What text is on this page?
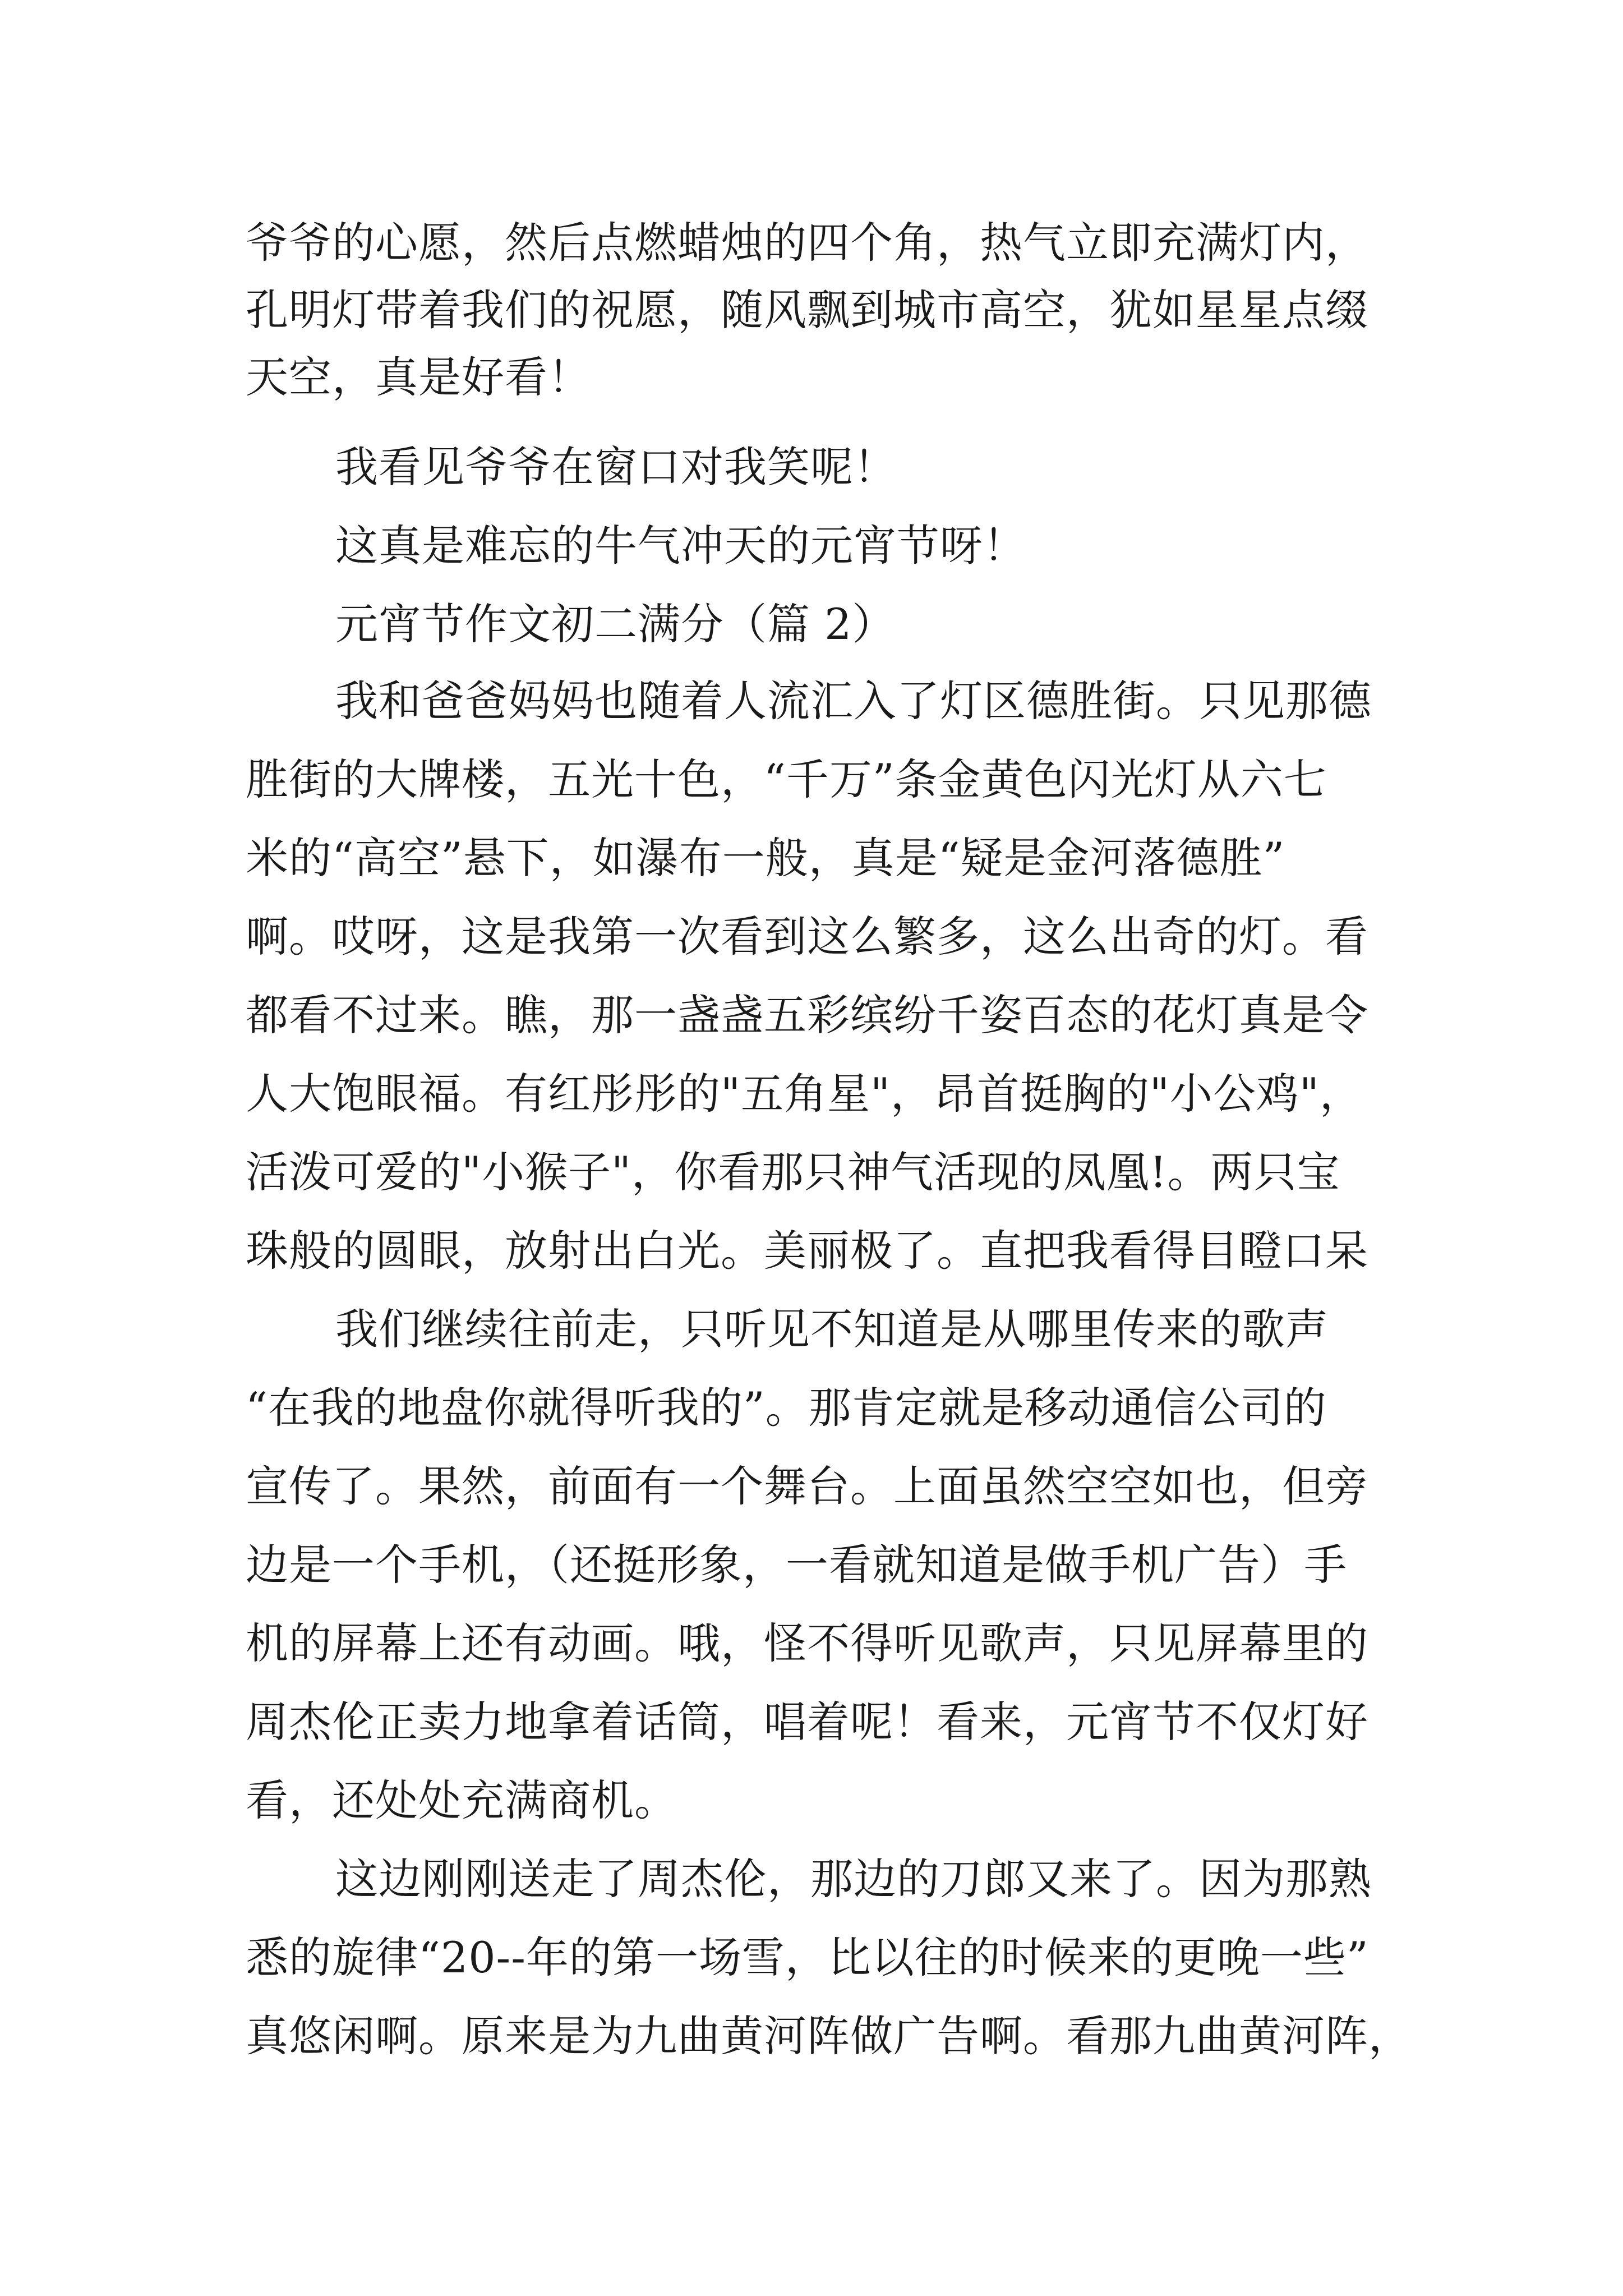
爷爷的心愿，然后点燃蜡烛的四个角，热气立即充满灯内，
孔明灯带着我们的祝愿，随风飘到城市高空，犹如星星点缀
天空，真是好看！
我看见爷爷在窗口对我笑呢！
这真是难忘的牛气冲天的元宵节呀！
元宵节作文初二满分（篇 2）
我和爸爸妈妈也随着人流汇入了灯区德胜街。只见那德
胜街的大牌楼，五光十色，“千万”条金黄色闪光灯从六七
米的“高空”悬下，如瀑布一般，真是“疑是金河落德胜”
啊。哎呀，这是我第一次看到这么繁多，这么出奇的灯。看
都看不过来。瞧，那一盏盏五彩缤纷千姿百态的花灯真是令
人大饱眼福。有红彤彤的"五角星"，昂首挺胸的"小公鸡"，
活泼可爱的"小猴子"，你看那只神气活现的凤凰!。两只宝
珠般的圆眼，放射出白光。美丽极了。直把我看得目瞪口呆
我们继续往前走，只听见不知道是从哪里传来的歌声
“在我的地盘你就得听我的”。那肯定就是移动通信公司的
宣传了。果然，前面有一个舞台。上面虽然空空如也，但旁
边是一个手机，（还挺形象，一看就知道是做手机广告）手
机的屏幕上还有动画。哦，怪不得听见歌声，只见屏幕里的
周杰伦正卖力地拿着话筒，唱着呢！看来，元宵节不仅灯好
看，还处处充满商机。
这边刚刚送走了周杰伦，那边的刀郎又来了。因为那熟
悉的旋律“20--年的第一场雪，比以往的时候来的更晚一些”
真悠闲啊。原来是为九曲黄河阵做广告啊。看那九曲黄河阵，
